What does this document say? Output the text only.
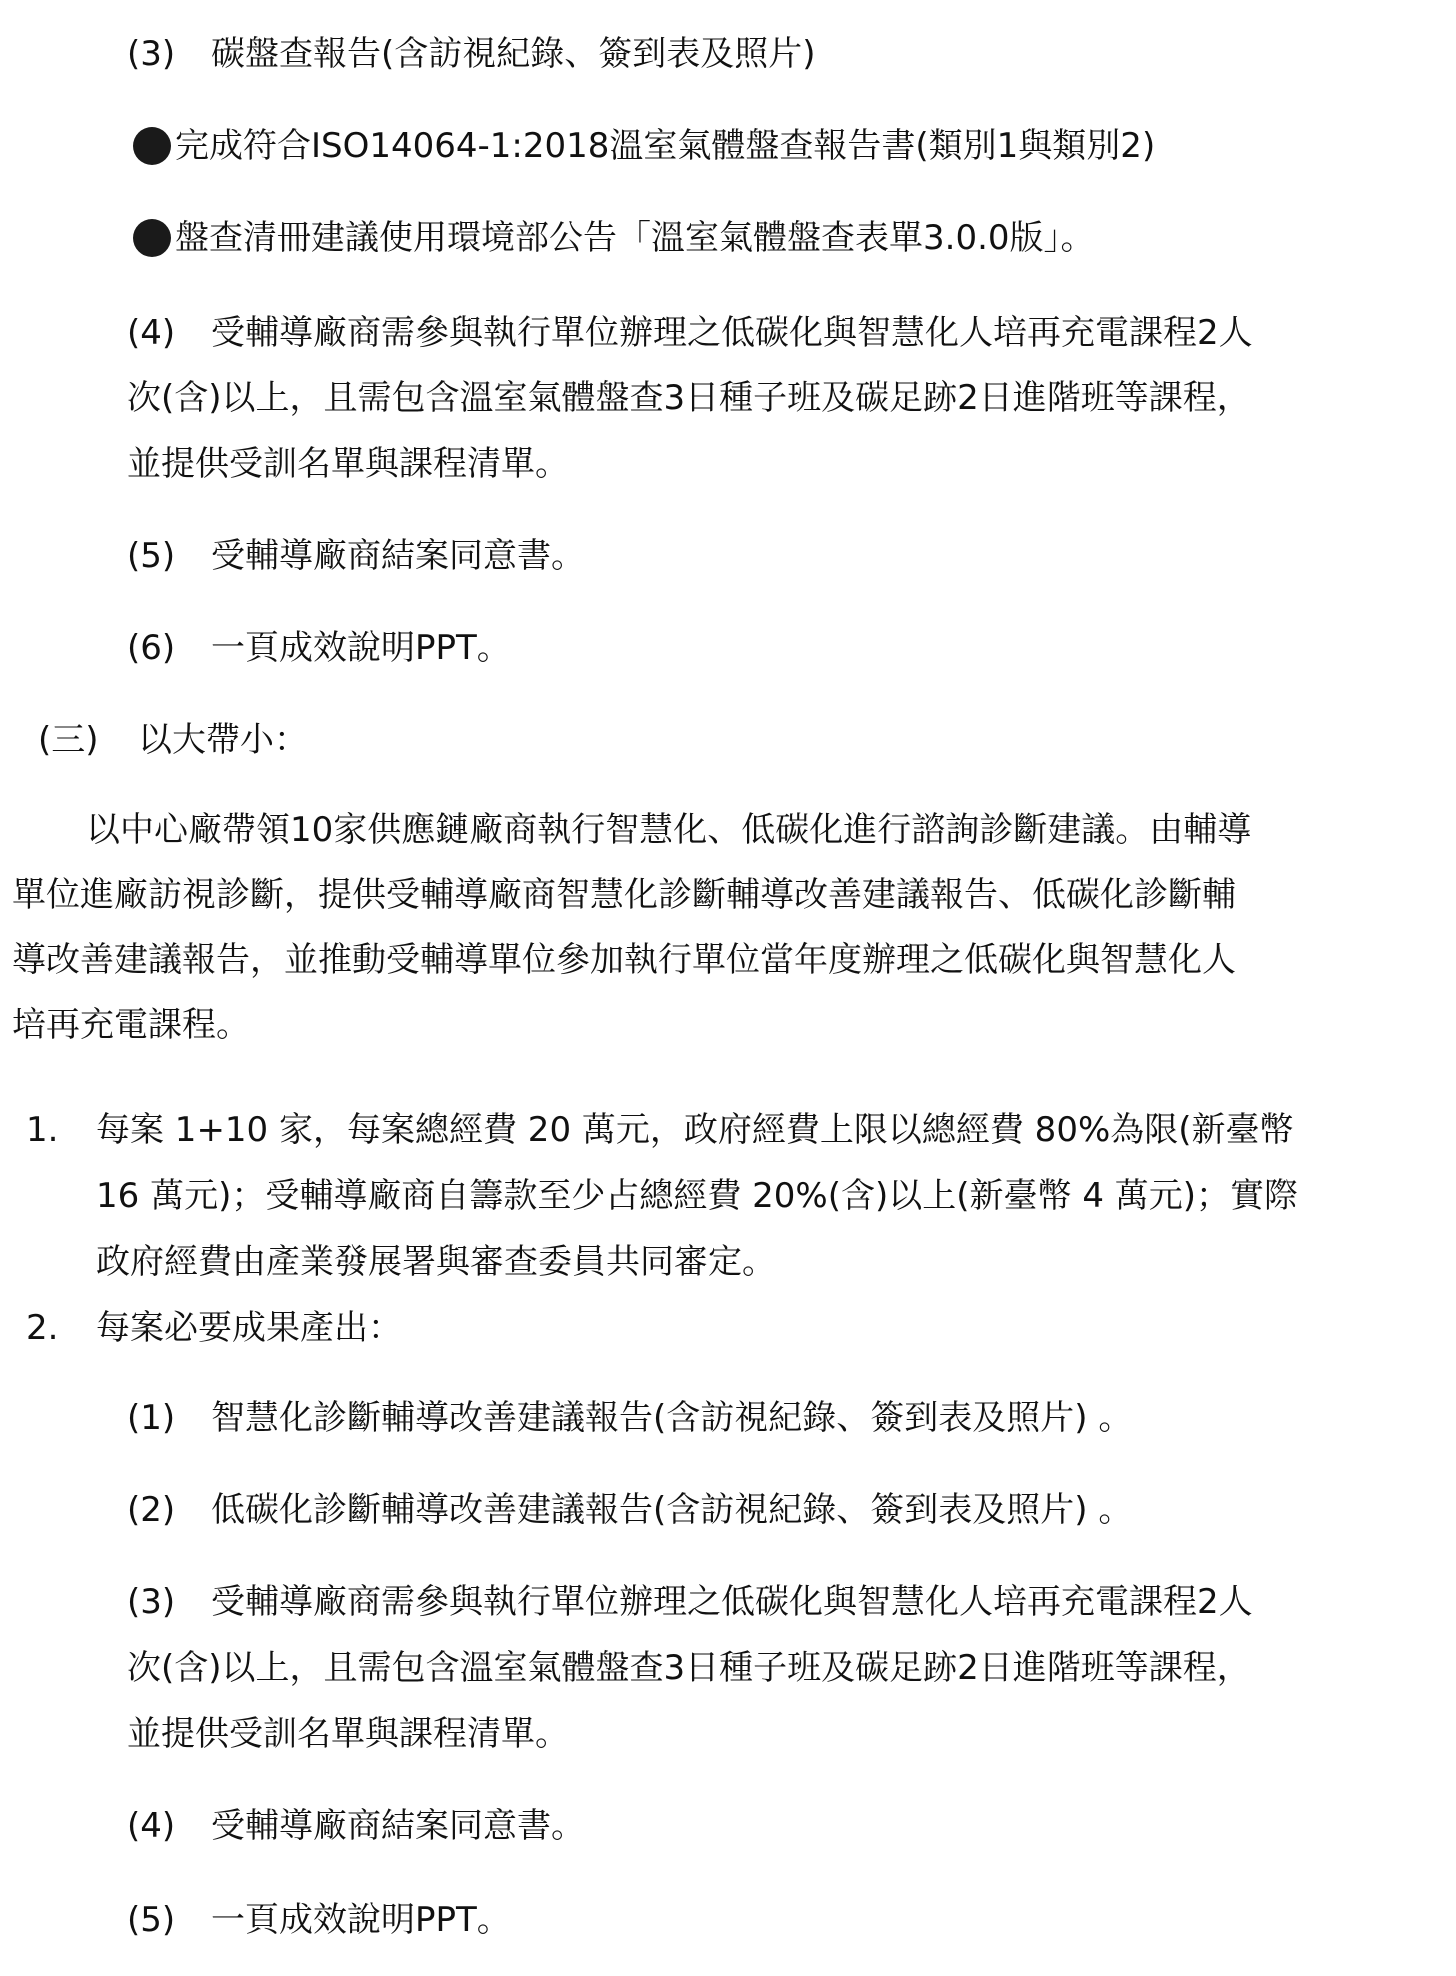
(3) 碳盤查報告(含訪視紀錄、簽到表及照片)
完成符合ISO14064-1:2018溫室氣體盤查報告書(類別1與類別2)
盤查清冊建議使用環境部公告「溫室氣體盤查表單3.0.0版」。
(4) 受輔導廠商需參與執行單位辦理之低碳化與智慧化人培再充電課程2人
次(含)以上，且需包含溫室氣體盤查3日種子班及碳足跡2日進階班等課程，
並提供受訓名單與課程清單。
(5) 受輔導廠商結案同意書。
(6) 一頁成效說明PPT。
(三) 以大帶小：
以中心廠帶領10家供應鏈廠商執行智慧化、低碳化進行諮詢診斷建議。由輔導
單位進廠訪視診斷，提供受輔導廠商智慧化診斷輔導改善建議報告、低碳化診斷輔
導改善建議報告，並推動受輔導單位參加執行單位當年度辦理之低碳化與智慧化人
培再充電課程。
1. 每案 1+10 家，每案總經費 20 萬元，政府經費上限以總經費 80%為限(新臺幣
16 萬元)；受輔導廠商自籌款至少占總經費 20%(含)以上(新臺幣 4 萬元)；實際
政府經費由產業發展署與審查委員共同審定。
2. 每案必要成果產出：
(1) 智慧化診斷輔導改善建議報告(含訪視紀錄、簽到表及照片) 。
(2) 低碳化診斷輔導改善建議報告(含訪視紀錄、簽到表及照片) 。
(3) 受輔導廠商需參與執行單位辦理之低碳化與智慧化人培再充電課程2人
次(含)以上，且需包含溫室氣體盤查3日種子班及碳足跡2日進階班等課程，
並提供受訓名單與課程清單。
(4) 受輔導廠商結案同意書。
(5) 一頁成效說明PPT。
